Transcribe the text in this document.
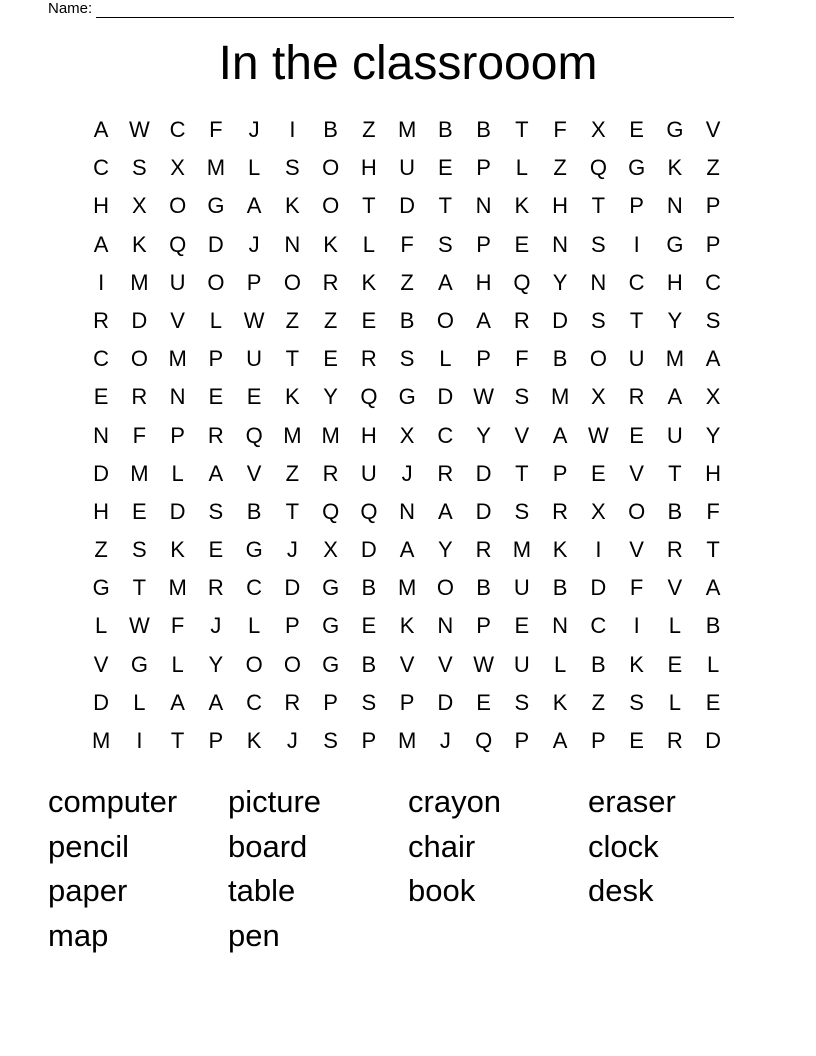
Name:
In the classrooom
A W C	F	J	I	B	Z	M B	B	T	F	X	E	G	V
C	S	X M	L	S	O H	U	E	P	L	Z	Q G	K	Z
H	X	O G	A	K	O	T	D	T	N	K	H	T	P	N	P
A	K	Q D	J	N	K	L	F	S	P	E	N	S	I	G	P
I	M U O	P	O R	K	Z	A	H Q	Y	N	C	H	C
R	D	V	L W Z	Z	E	B	O	A	R	D	S	T	Y	S
C O M P	U	T	E	R	S	L	P	F	B	O U M A
E	R	N	E	E	K	Y	Q G D W S M X	R	A	X
N	F	P	R Q M M H	X	C	Y	V	A W E	U	Y
D M	L	A	V	Z	R	U	J	R	D	T	P	E	V	T	H
H	E	D	S	B	T	Q Q N	A	D	S	R	X	O	B	F
Z	S	K	E	G	J	X	D	A	Y	R M K	I	V	R	T
G	T	M R	C	D G	B M O	B	U	B	D	F	V	A
L W F	J	L	P	G	E	K	N	P	E	N	C	I	L	B
V	G	L	Y	O O G	B	V	V W U	L	B	K	E	L
D	L	A	A	C	R	P	S	P	D	E	S	K	Z	S	L	E
M	I	T	P	K	J	S	P M	J	Q	P	A	P	E	R	D
computer	picture	crayon	eraser
pencil	board	chair	clock
paper	table	book	desk
map	pen
